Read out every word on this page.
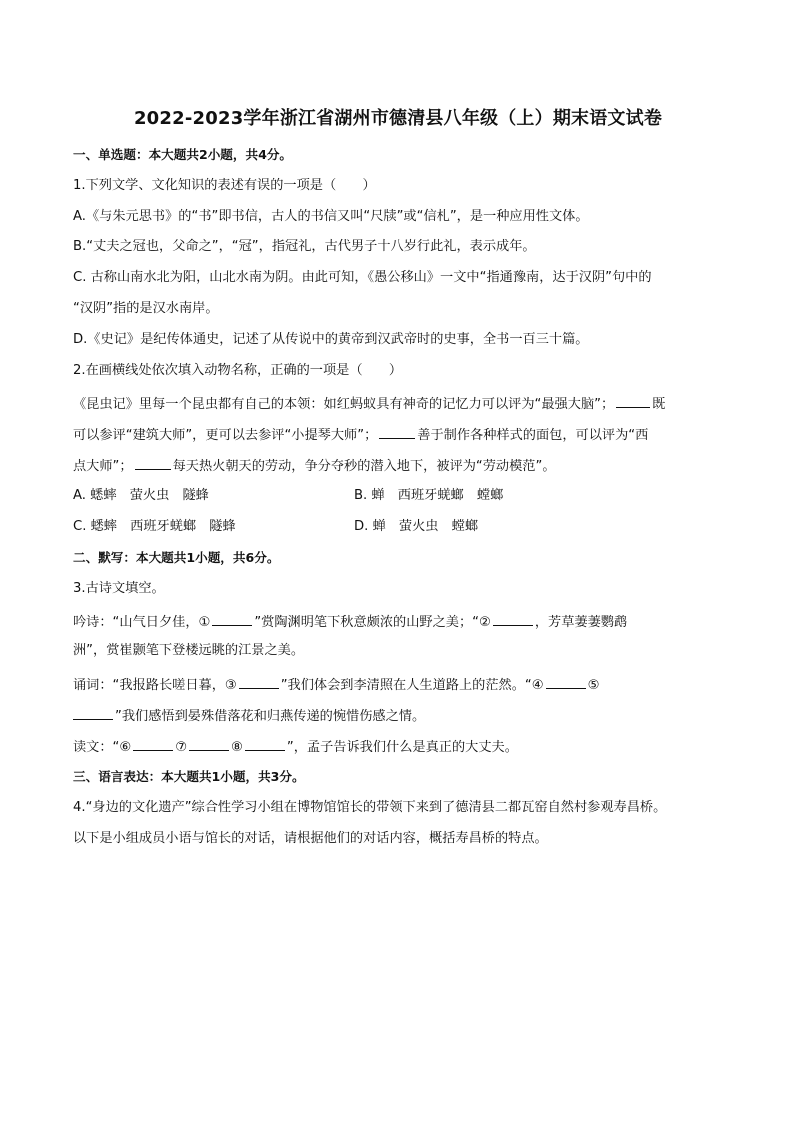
2022-2023学年浙江省湖州市德清县八年级（上）期末语文试卷
一、单选题：本大题共2小题，共4分。
1.下列文学、文化知识的表述有误的一项是（　　）
A.《与朱元思书》的“书”即书信，古人的书信又叫“尺牍”或“信札”，是一种应用性文体。
B.“丈夫之冠也，父命之”，“冠”，指冠礼，古代男子十八岁行此礼，表示成年。
C. 古称山南水北为阳，山北水南为阴。由此可知，《愚公移山》一文中“指通豫南，达于汉阴”句中的
“汉阴”指的是汉水南岸。
D.《史记》是纪传体通史，记述了从传说中的黄帝到汉武帝时的史事，全书一百三十篇。
2.在画横线处依次填入动物名称，正确的一项是（　　）
《昆虫记》里每一个昆虫都有自己的本领：如红蚂蚁具有神奇的记忆力可以评为“最强大脑”；	既
可以参评“建筑大师”，更可以去参评“小提琴大师”；	善于制作各种样式的面包，可以评为“西
点大师”；	每天热火朝天的劳动，争分夺秒的潜入地下，被评为“劳动模范”。
A. 蟋蟀　萤火虫　隧蜂	B. 蝉　西班牙蜣螂　螳螂
C. 蟋蟀　西班牙蜣螂　隧蜂	D. 蝉　萤火虫　螳螂
二、默写：本大题共1小题，共6分。
3.古诗文填空。
吟诗：“山气日夕佳，①	”赏陶渊明笔下秋意颇浓的山野之美；“②	，芳草萋萋鹦鹉
洲”，赏崔颢笔下登楼远眺的江景之美。
诵词：“我报路长嗟日暮，③	”我们体会到李清照在人生道路上的茫然。“④	⑤
”我们感悟到晏殊借落花和归燕传递的惋惜伤感之情。
读文：“⑥	⑦	⑧	”，孟子告诉我们什么是真正的大丈夫。
三、语言表达：本大题共1小题，共3分。
4.“身边的文化遗产”综合性学习小组在博物馆馆长的带领下来到了德清县二都瓦窑自然村参观寿昌桥。
以下是小组成员小语与馆长的对话，请根据他们的对话内容，概括寿昌桥的特点。
